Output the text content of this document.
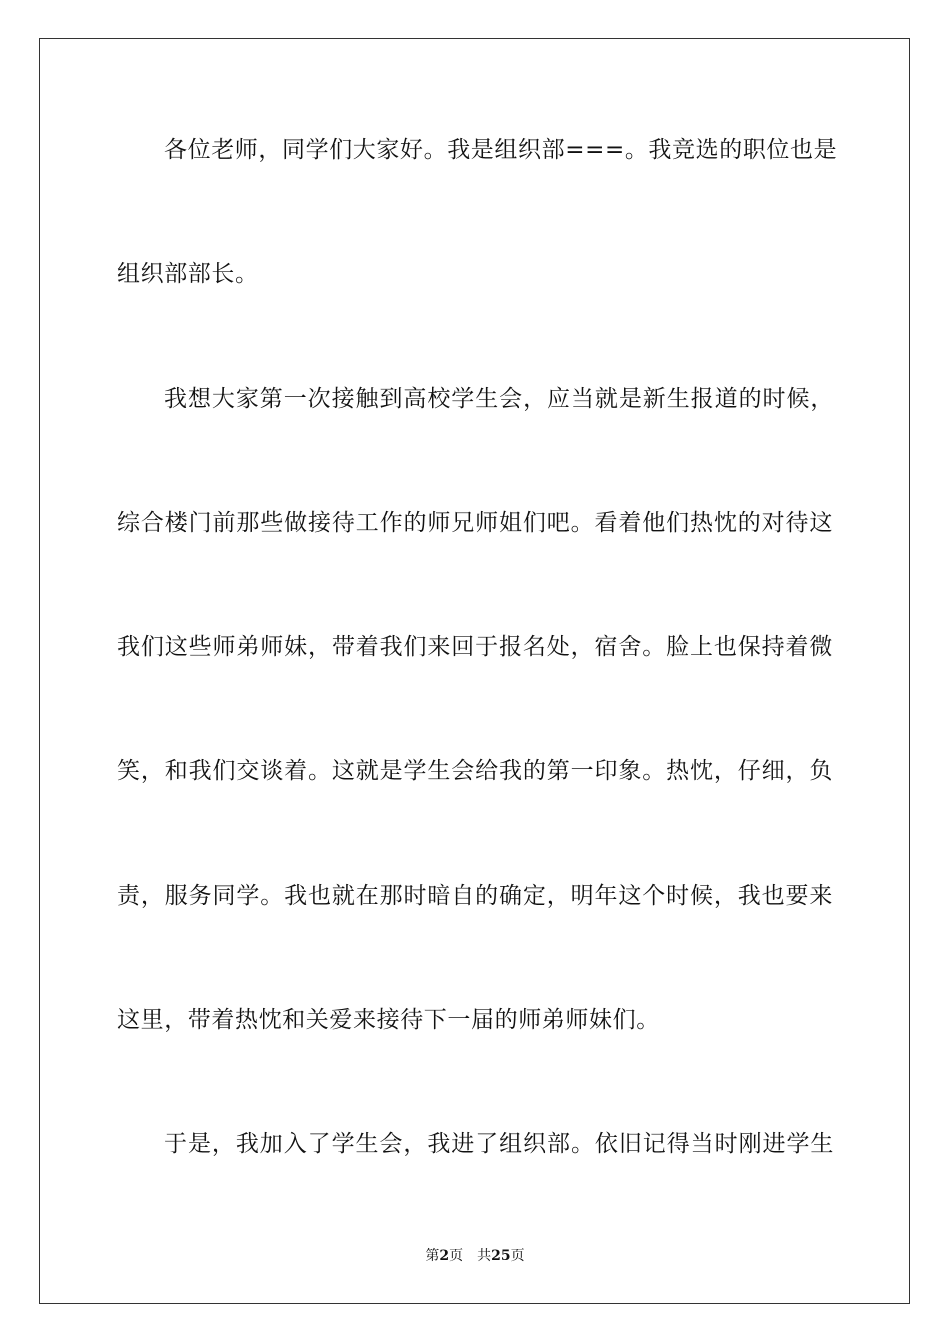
各位老师，同学们大家好。我是组织部===。我竞选的职位也是
组织部部长。
我想大家第一次接触到高校学生会，应当就是新生报道的时候，
综合楼门前那些做接待工作的师兄师姐们吧。看着他们热忱的对待这
我们这些师弟师妹，带着我们来回于报名处，宿舍。脸上也保持着微
笑，和我们交谈着。这就是学生会给我的第一印象。热忱，仔细，负
责，服务同学。我也就在那时暗自的确定，明年这个时候，我也要来
这里，带着热忱和关爱来接待下一届的师弟师妹们。
于是，我加入了学生会，我进了组织部。依旧记得当时刚进学生
第2页 共25页
